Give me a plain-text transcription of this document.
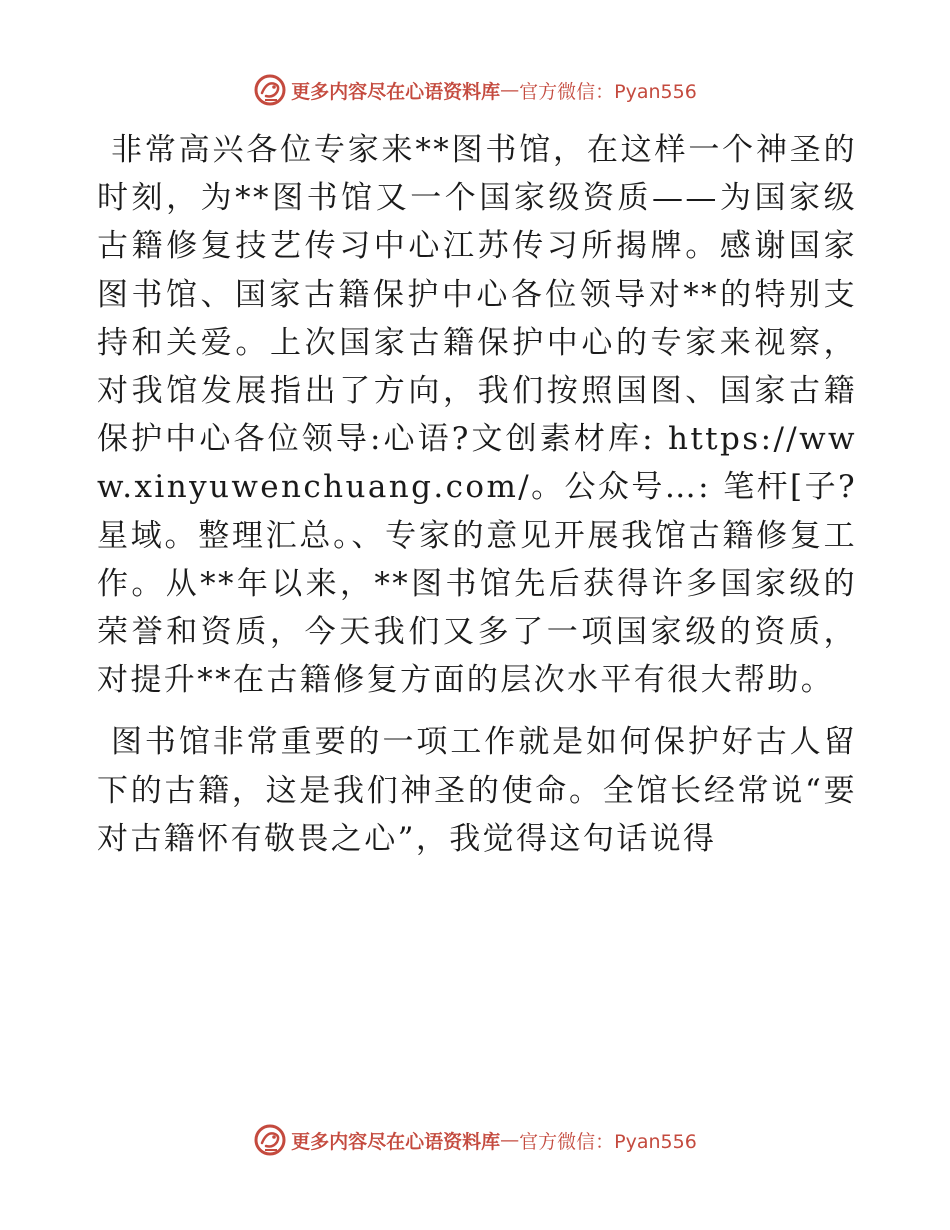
更多内容尽在心语资料库 — 官方微信：Pyan556

非常高兴各位专家来**图书馆，在这样一个神圣的时刻，为**图书馆又一个国家级资质——为国家级古籍修复技艺传习中心江苏传习所揭牌。感谢国家图书馆、国家古籍保护中心各位领导对**的特别支持和关爱。上次国家古籍保护中心的专家来视察，对我馆发展指出了方向，我们按照国图、国家古籍保护中心各位领导:心语?文创素材库: https://www.xinyuwenchuang.com/。公众号…: 笔杆[子?星域。整理汇总。、专家的意见开展我馆古籍修复工作。从**年以来，**图书馆先后获得许多国家级的荣誉和资质，今天我们又多了一项国家级的资质，对提升**在古籍修复方面的层次水平有很大帮助。

图书馆非常重要的一项工作就是如何保护好古人留下的古籍，这是我们神圣的使命。全馆长经常说“要对古籍怀有敬畏之心”，我觉得这句话说得

更多内容尽在心语资料库 — 官方微信：Pyan556
